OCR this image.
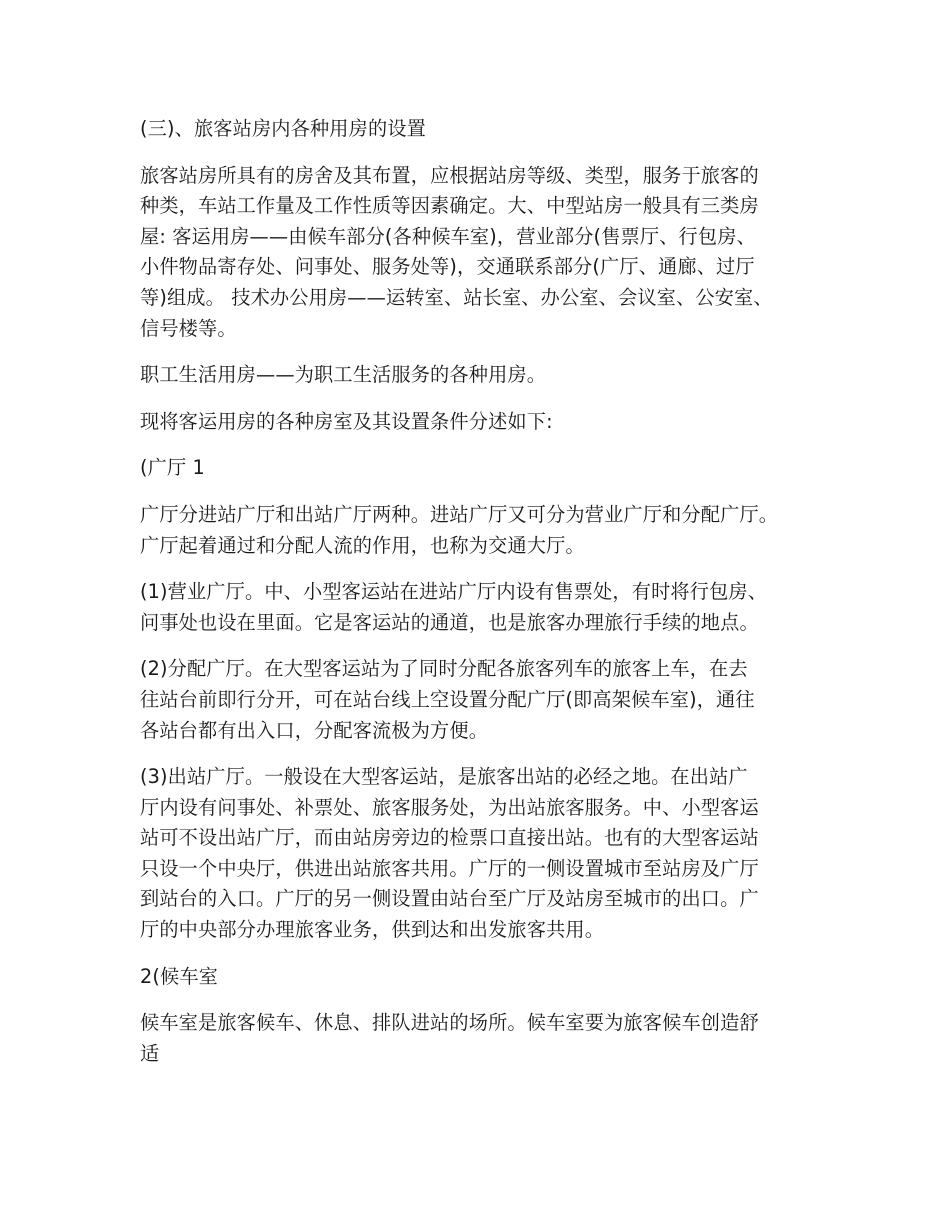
(三)、旅客站房内各种用房的设置
旅客站房所具有的房舍及其布置，应根据站房等级、类型，服务于旅客的
种类，车站工作量及工作性质等因素确定。大、中型站房一般具有三类房
屋: 客运用房——由候车部分(各种候车室)，营业部分(售票厅、行包房、
小件物品寄存处、问事处、服务处等)，交通联系部分(广厅、通廊、过厅
等)组成。 技术办公用房——运转室、站长室、办公室、会议室、公安室、
信号楼等。
职工生活用房——为职工生活服务的各种用房。
现将客运用房的各种房室及其设置条件分述如下:
(广厅 1
广厅分进站广厅和出站广厅两种。进站广厅又可分为营业广厅和分配广厅。
广厅起着通过和分配人流的作用，也称为交通大厅。
(1)营业广厅。中、小型客运站在进站广厅内设有售票处，有时将行包房、
问事处也设在里面。它是客运站的通道，也是旅客办理旅行手续的地点。
(2)分配广厅。在大型客运站为了同时分配各旅客列车的旅客上车，在去
往站台前即行分开，可在站台线上空设置分配广厅(即高架候车室)，通往
各站台都有出入口，分配客流极为方便。
(3)出站广厅。一般设在大型客运站，是旅客出站的必经之地。在出站广
厅内设有问事处、补票处、旅客服务处，为出站旅客服务。中、小型客运
站可不设出站广厅，而由站房旁边的检票口直接出站。也有的大型客运站
只设一个中央厅，供进出站旅客共用。广厅的一侧设置城市至站房及广厅
到站台的入口。广厅的另一侧设置由站台至广厅及站房至城市的出口。广
厅的中央部分办理旅客业务，供到达和出发旅客共用。
2(候车室
候车室是旅客候车、休息、排队进站的场所。候车室要为旅客候车创造舒
适
